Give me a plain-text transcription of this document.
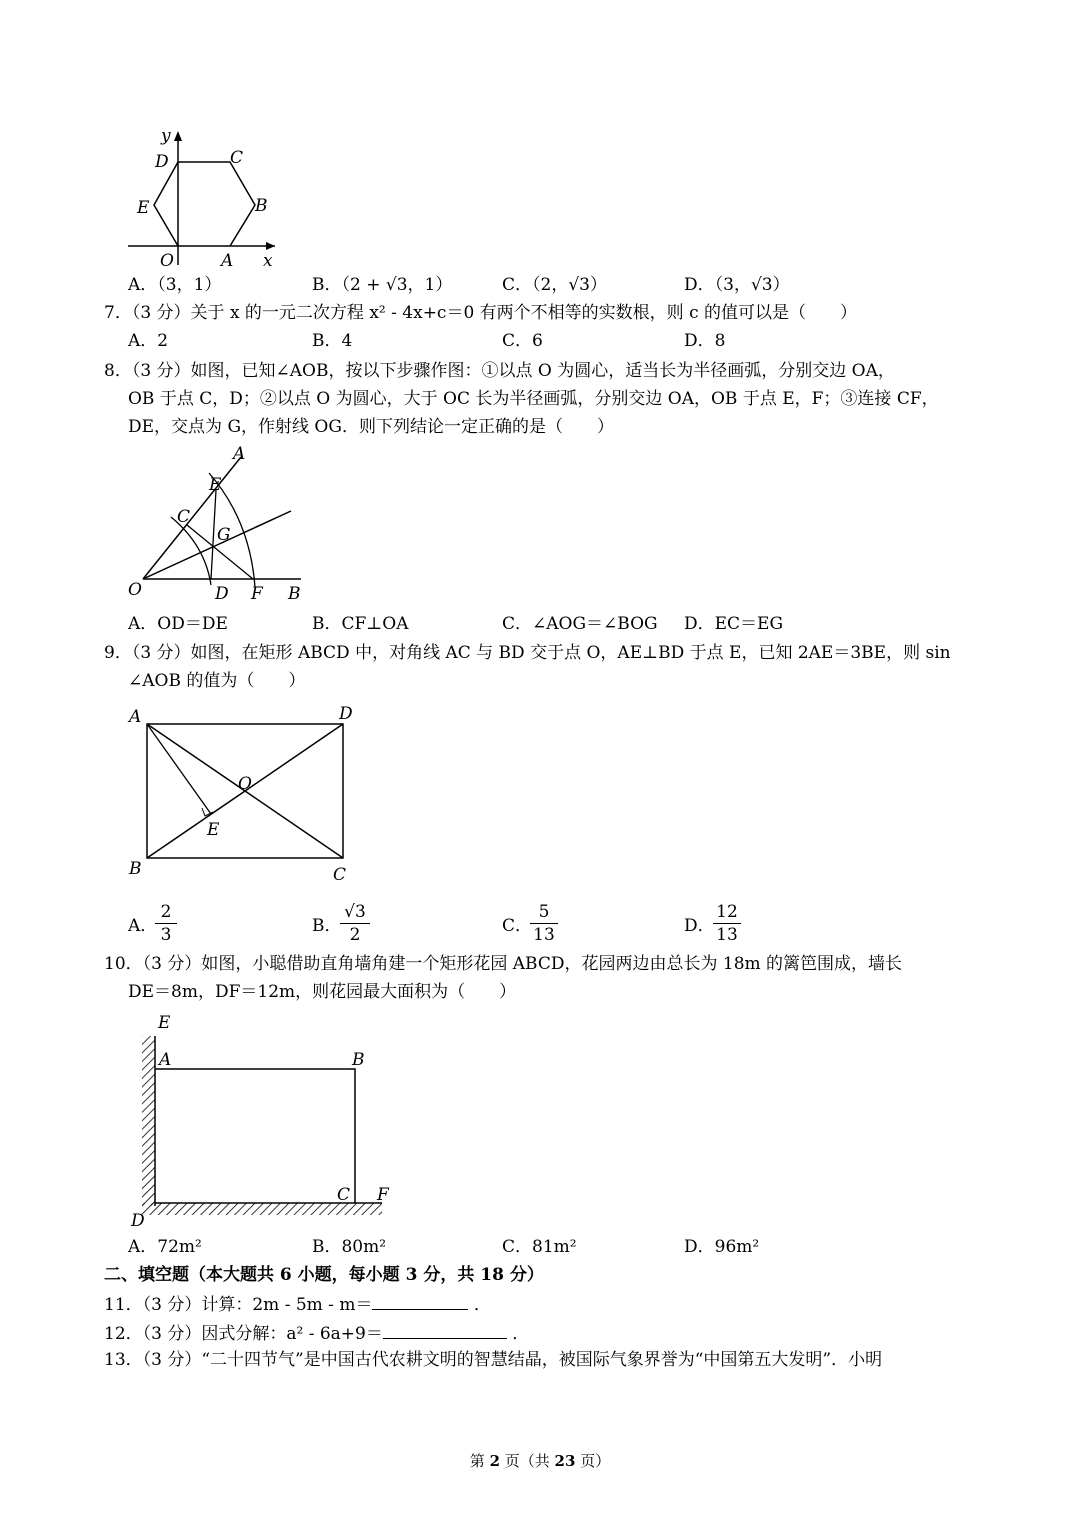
y
D	C
E	B
O	A x
A．（3，1）	B．（2 + √3，1）	C．（2，√3）	D．（3，√3）
7．（3 分）关于 x 的一元二次方程 x² - 4x+c＝0 有两个不相等的实数根，则 c 的值可以是（　　）
A．2	B．4	C．6	D．8
8．（3 分）如图，已知∠AOB，按以下步骤作图：①以点 O 为圆心，适当长为半径画弧，分别交边 OA，
OB 于点 C，D；②以点 O 为圆心，大于 OC 长为半径画弧，分别交边 OA，OB 于点 E，F；③连接 CF，
DE，交点为 G，作射线 OG．则下列结论一定正确的是（　　）
A
E
C
G
O	D F B
A．OD＝DE	B．CF⊥OA	C．∠AOG＝∠BOG D．EC＝EG
9．（3 分）如图，在矩形 ABCD 中，对角线 AC 与 BD 交于点 O，AE⊥BD 于点 E，已知 2AE＝3BE，则 sin
∠AOB 的值为（　　）
A	D
O
E
B	C
A．
2
3	B．
√3
2	C．
5
13	D．
12
13
10．（3 分）如图，小聪借助直角墙角建一个矩形花园 ABCD，花园两边由总长为 18m 的篱笆围成，墙长
DE＝8m，DF＝12m，则花园最大面积为（　　）
E
A	B
C F
D
A．72m²	B．80m²	C．81m²	D．96m²
二、填空题（本大题共 6 小题，每小题 3 分，共 18 分）
11．（3 分）计算：2m - 5m - m＝	．
12．（3 分）因式分解：a² - 6a+9＝	．
13．（3 分）“二十四节气”是中国古代农耕文明的智慧结晶，被国际气象界誉为“中国第五大发明”．小明
第 2 页（共 23 页）
